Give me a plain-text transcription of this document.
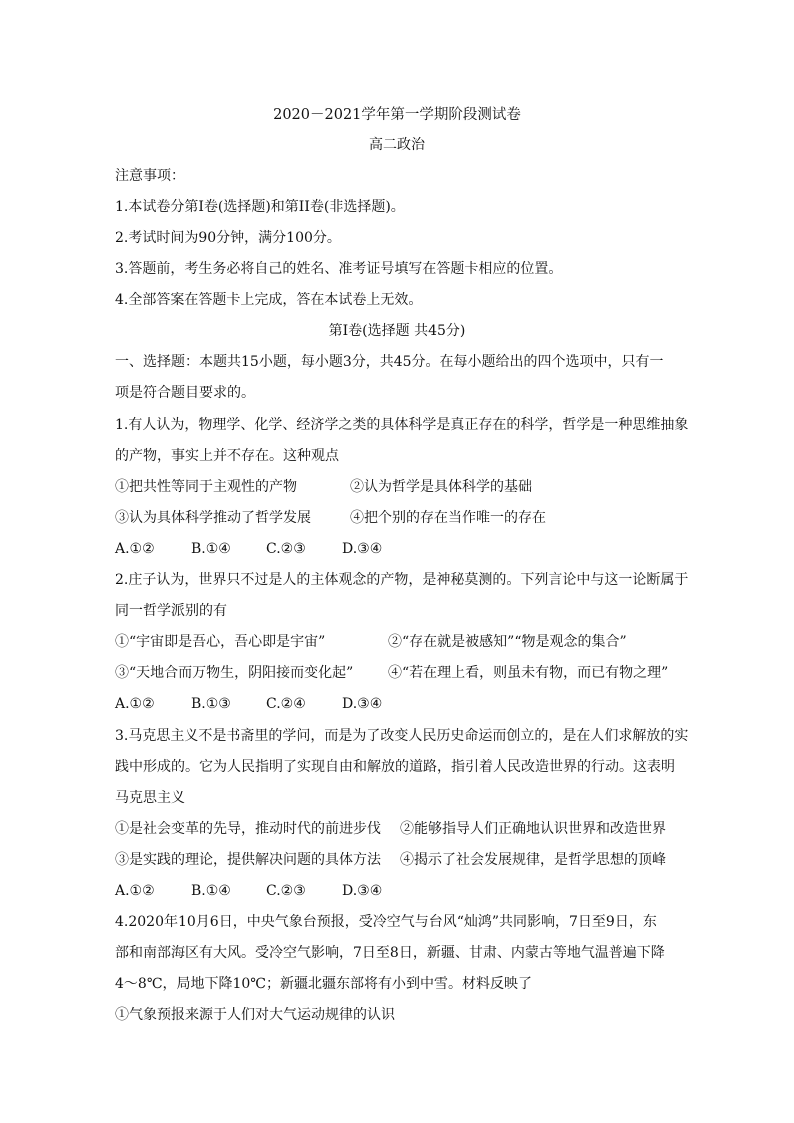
2020－2021学年第一学期阶段测试卷
高二政治
注意事项：
1.本试卷分第I卷(选择题)和第II卷(非选择题)。
2.考试时间为90分钟，满分100分。
3.答题前，考生务必将自己的姓名、准考证号填写在答题卡相应的位置。
4.全部答案在答题卡上完成，答在本试卷上无效。
第I卷(选择题 共45分)
一、选择题：本题共15小题，每小题3分，共45分。在每小题给出的四个选项中，只有一
项是符合题目要求的。
1.有人认为，物理学、化学、经济学之类的具体科学是真正存在的科学，哲学是一种思维抽象
的产物，事实上并不存在。这种观点
①把共性等同于主观性的产物	②认为哲学是具体科学的基础
③认为具体科学推动了哲学发展	④把个别的存在当作唯一的存在
A.①②	B.①④	C.②③	D.③④
2.庄子认为，世界只不过是人的主体观念的产物，是神秘莫测的。下列言论中与这一论断属于
同一哲学派别的有
①“宇宙即是吾心，吾心即是宇宙”	②“存在就是被感知”“物是观念的集合”
③“天地合而万物生，阴阳接而变化起” ④“若在理上看，则虽未有物，而已有物之理”
A.①②	B.①③	C.②④	D.③④
3.马克思主义不是书斋里的学问，而是为了改变人民历史命运而创立的，是在人们求解放的实
践中形成的。它为人民指明了实现自由和解放的道路，指引着人民改造世界的行动。这表明
马克思主义
①是社会变革的先导，推动时代的前进步伐 ②能够指导人们正确地认识世界和改造世界
③是实践的理论，提供解决问题的具体方法 ④揭示了社会发展规律，是哲学思想的顶峰
A.①②	B.①④	C.②③	D.③④
4.2020年10月6日，中央气象台预报，受冷空气与台风“灿鸿”共同影响，7日至9日，东
部和南部海区有大风。受冷空气影响，7日至8日，新疆、甘肃、内蒙古等地气温普遍下降
4～8℃，局地下降10℃；新疆北疆东部将有小到中雪。材料反映了
①气象预报来源于人们对大气运动规律的认识
